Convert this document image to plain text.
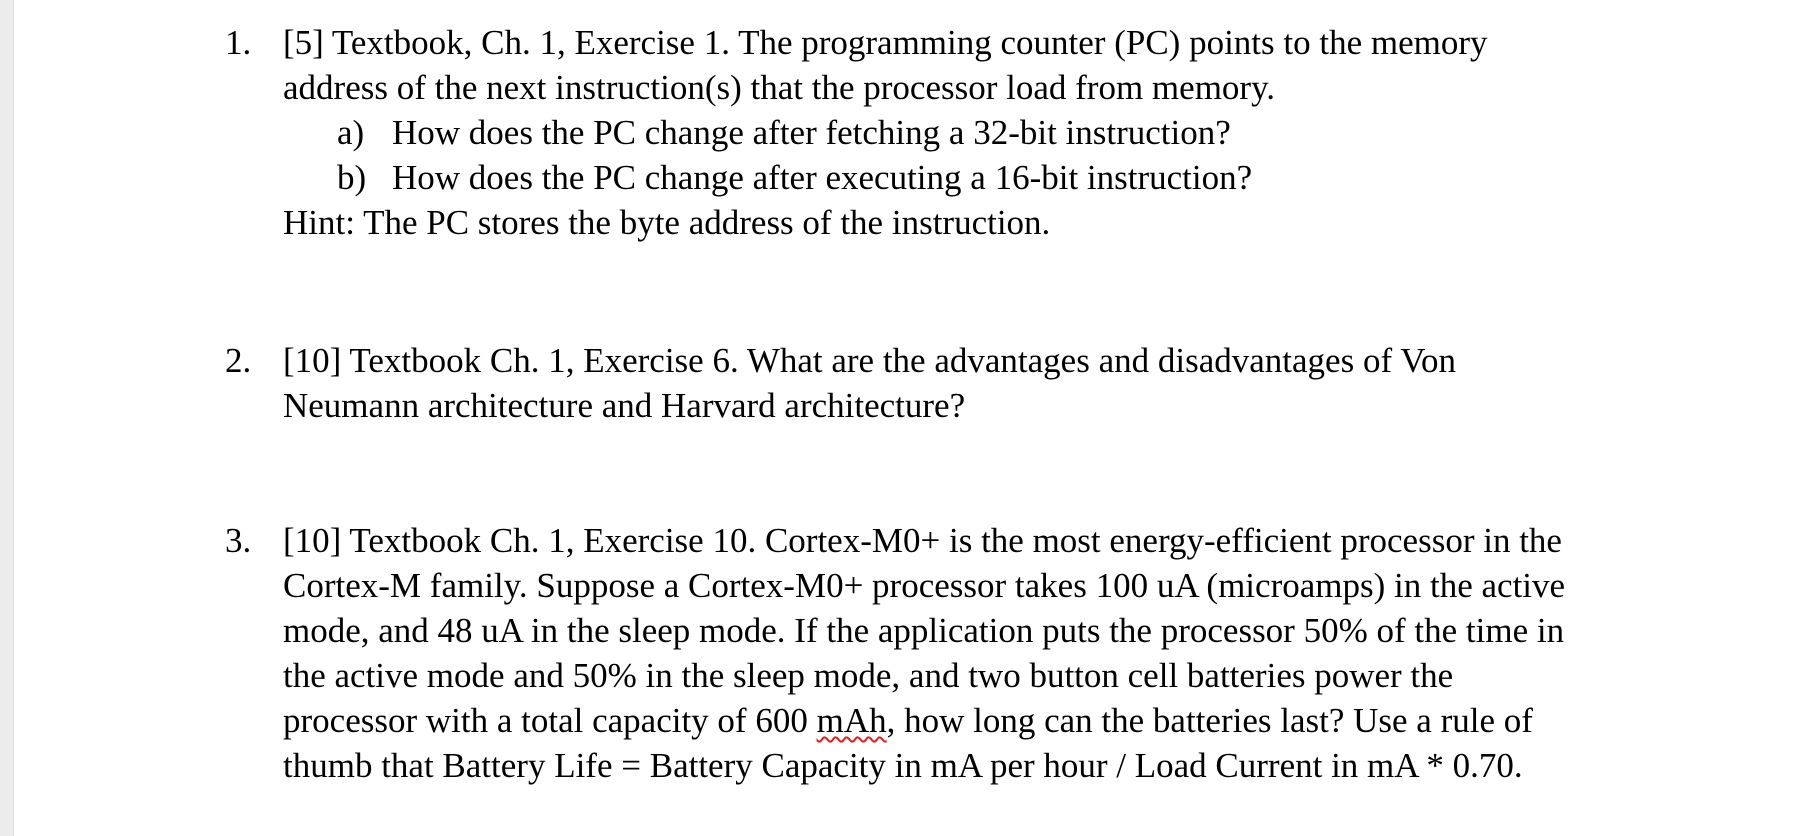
1. [5] Textbook, Ch. 1, Exercise 1. The programming counter (PC) points to the memory
address of the next instruction(s) that the processor load from memory.
a) How does the PC change after fetching a 32-bit instruction?
b) How does the PC change after executing a 16-bit instruction?
Hint: The PC stores the byte address of the instruction.
2. [10] Textbook Ch. 1, Exercise 6. What are the advantages and disadvantages of Von
Neumann architecture and Harvard architecture?
3. [10] Textbook Ch. 1, Exercise 10. Cortex-M0+ is the most energy-efficient processor in the
Cortex-M family. Suppose a Cortex-M0+ processor takes 100 uA (microamps) in the active
mode, and 48 uA in the sleep mode. If the application puts the processor 50% of the time in
the active mode and 50% in the sleep mode, and two button cell batteries power the
processor with a total capacity of 600 mAh, how long can the batteries last? Use a rule of
thumb that Battery Life = Battery Capacity in mA per hour / Load Current in mA * 0.70.
